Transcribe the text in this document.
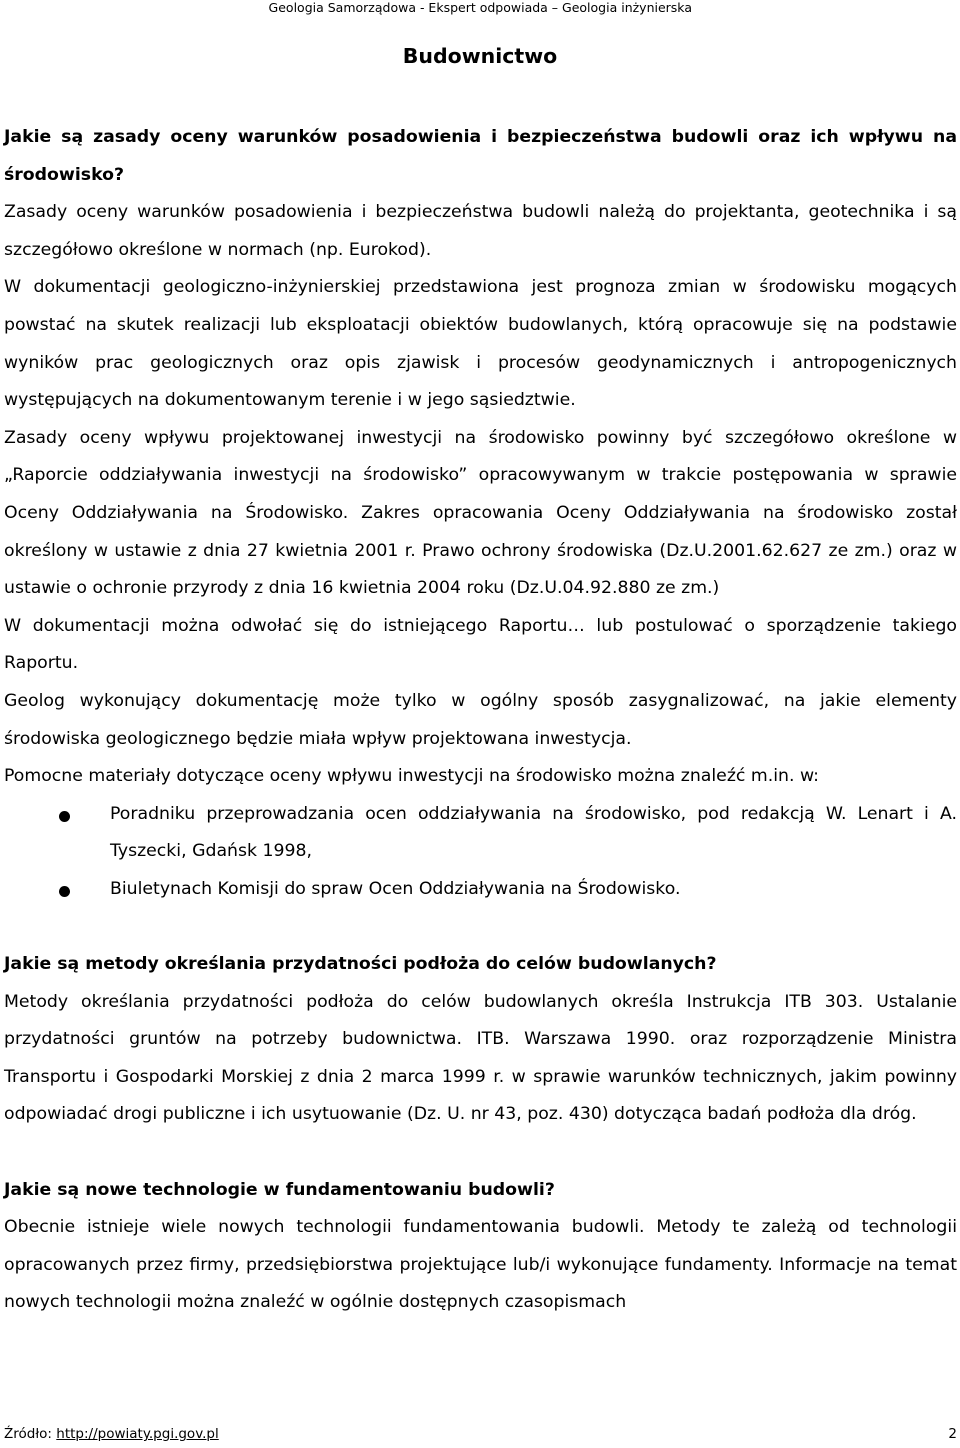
Geologia Samorządowa - Ekspert odpowiada – Geologia inżynierska
Budownictwo

Jakie są zasady oceny warunków posadowienia i bezpieczeństwa budowli oraz ich wpływu na środowisko?

Zasady oceny warunków posadowienia i bezpieczeństwa budowli należą do projektanta, geotechnika i są szczegółowo określone w normach (np. Eurokod).

W dokumentacji geologiczno-inżynierskiej przedstawiona jest prognoza zmian w środowisku mogących powstać na skutek realizacji lub eksploatacji obiektów budowlanych, którą opracowuje się na podstawie wyników prac geologicznych oraz opis zjawisk i procesów geodynamicznych i antropogenicznych występujących na dokumentowanym terenie i w jego sąsiedztwie.

Zasady oceny wpływu projektowanej inwestycji na środowisko powinny być szczegółowo określone w „Raporcie oddziaływania inwestycji na środowisko” opracowywanym w trakcie postępowania w sprawie Oceny Oddziaływania na Środowisko. Zakres opracowania Oceny Oddziaływania na środowisko został określony w ustawie z dnia 27 kwietnia 2001 r. Prawo ochrony środowiska (Dz.U.2001.62.627 ze zm.) oraz w ustawie o ochronie przyrody z dnia 16 kwietnia 2004 roku (Dz.U.04.92.880 ze zm.)

W dokumentacji można odwołać się do istniejącego Raportu… lub postulować o sporządzenie takiego Raportu.

Geolog wykonujący dokumentację może tylko w ogólny sposób zasygnalizować, na jakie elementy środowiska geologicznego będzie miała wpływ projektowana inwestycja.

Pomocne materiały dotyczące oceny wpływu inwestycji na środowisko można znaleźć m.in. w:

Poradniku przeprowadzania ocen oddziaływania na środowisko, pod redakcją W. Lenart i A. Tyszecki, Gdańsk 1998,
Biuletynach Komisji do spraw Ocen Oddziaływania na Środowisko.

Jakie są metody określania przydatności podłoża do celów budowlanych?

Metody określania przydatności podłoża do celów budowlanych określa Instrukcja ITB 303. Ustalanie przydatności gruntów na potrzeby budownictwa. ITB. Warszawa 1990. oraz rozporządzenie Ministra Transportu i Gospodarki Morskiej z dnia 2 marca 1999 r. w sprawie warunków technicznych, jakim powinny odpowiadać drogi publiczne i ich usytuowanie (Dz. U. nr 43, poz. 430) dotycząca badań podłoża dla dróg.

Jakie są nowe technologie w fundamentowaniu budowli?

Obecnie istnieje wiele nowych technologii fundamentowania budowli. Metody te zależą od technologii opracowanych przez firmy, przedsiębiorstwa projektujące lub/i wykonujące fundamenty. Informacje na temat nowych technologii można znaleźć w ogólnie dostępnych czasopismach

Źródło: http://powiaty.pgi.gov.pl	2
